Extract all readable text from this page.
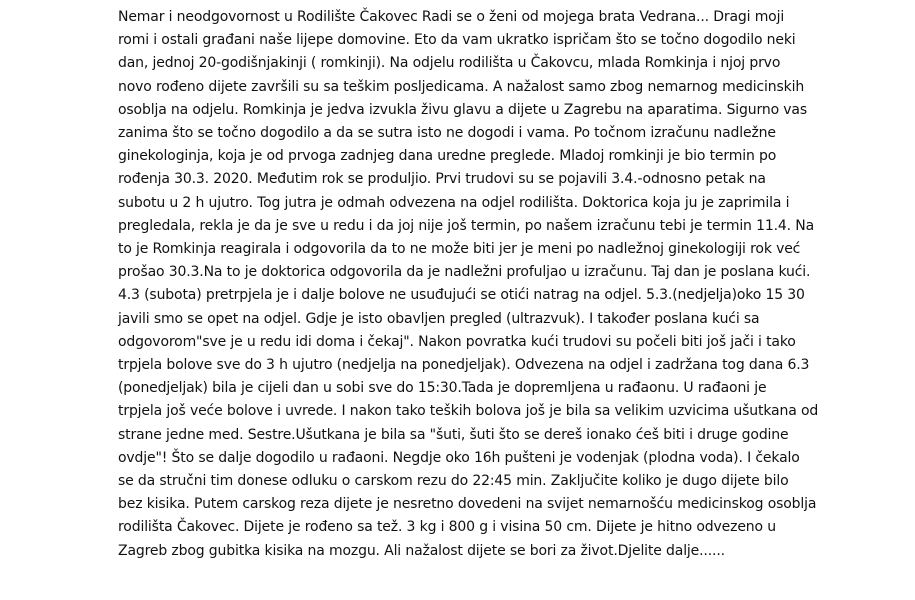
Nemar i neodgovornost u Rodilište Čakovec Radi se o ženi od mojega brata Vedrana... Dragi moji
romi i ostali građani naše lijepe domovine. Eto da vam ukratko ispričam što se točno dogodilo neki
dan, jednoj 20-godišnjakinji ( romkinji). Na odjelu rodilišta u Čakovcu, mlada Romkinja i njoj prvo
novo rođeno dijete završili su sa teškim posljedicama. A nažalost samo zbog nemarnog medicinskih
osoblja na odjelu. Romkinja je jedva izvukla živu glavu a dijete u Zagrebu na aparatima. Sigurno vas
zanima što se točno dogodilo a da se sutra isto ne dogodi i vama. Po točnom izračunu nadležne
ginekologinja, koja je od prvoga zadnjeg dana uredne preglede. Mladoj romkinji je bio termin po
rođenja 30.3. 2020. Međutim rok se produljio. Prvi trudovi su se pojavili 3.4.-odnosno petak na
subotu u 2 h ujutro. Tog jutra je odmah odvezena na odjel rodilišta. Doktorica koja ju je zaprimila i
pregledala, rekla je da je sve u redu i da joj nije još termin, po našem izračunu tebi je termin 11.4. Na
to je Romkinja reagirala i odgovorila da to ne može biti jer je meni po nadležnoj ginekologiji rok već
prošao 30.3.Na to je doktorica odgovorila da je nadležni profuljao u izračunu. Taj dan je poslana kući.
4.3 (subota) pretrpjela je i dalje bolove ne usuđujući se otići natrag na odjel. 5.3.(nedjelja)oko 15 30
javili smo se opet na odjel. Gdje je isto obavljen pregled (ultrazvuk). I također poslana kući sa
odgovorom"sve je u redu idi doma i čekaj". Nakon povratka kući trudovi su počeli biti još jači i tako
trpjela bolove sve do 3 h ujutro (nedjelja na ponedjeljak). Odvezena na odjel i zadržana tog dana 6.3
(ponedjeljak) bila je cijeli dan u sobi sve do 15:30.Tada je dopremljena u rađaonu. U rađaoni je
trpjela još veće bolove i uvrede. I nakon tako teških bolova još je bila sa velikim uzvicima ušutkana od
strane jedne med. Sestre.Ušutkana je bila sa "šuti, šuti što se dereš ionako ćeš biti i druge godine
ovdje"! Što se dalje dogodilo u rađaoni. Negdje oko 16h pušteni je vodenjak (plodna voda). I čekalo
se da stručni tim donese odluku o carskom rezu do 22:45 min. Zaključite koliko je dugo dijete bilo
bez kisika. Putem carskog reza dijete je nesretno dovedeni na svijet nemarnošću medicinskog osoblja
rodilišta Čakovec. Dijete je rođeno sa tež. 3 kg i 800 g i visina 50 cm. Dijete je hitno odvezeno u
Zagreb zbog gubitka kisika na mozgu. Ali nažalost dijete se bori za život.Djelite dalje......
